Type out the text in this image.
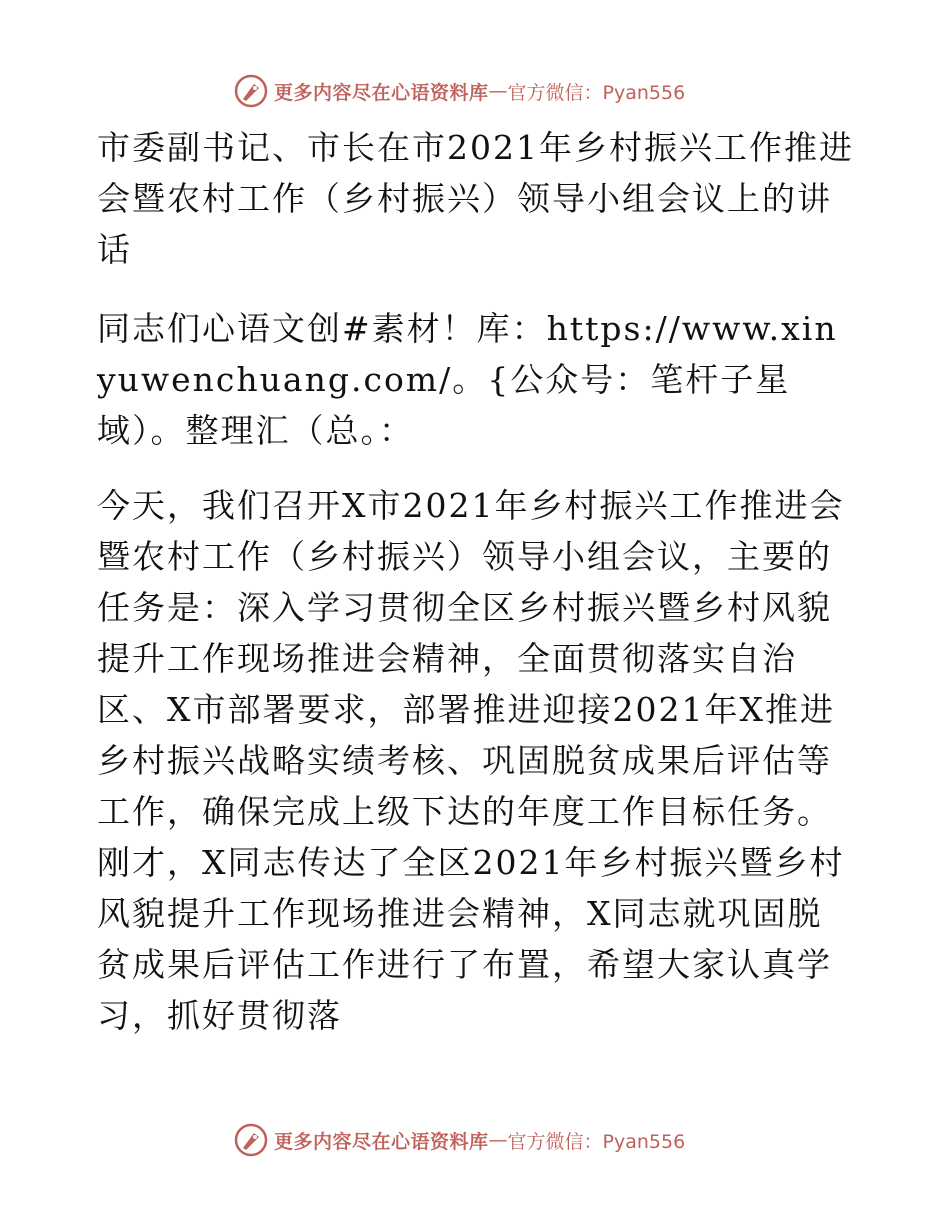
更多内容尽在心语资料库 — 官方微信：Pyan556

市委副书记、市长在市2021年乡村振兴工作推进会暨农村工作（乡村振兴）领导小组会议上的讲话

同志们心语文创#素材！库：https://www.xinyuwenchuang.com/。{公众号：笔杆子星域）。整理汇（总。：

今天，我们召开X市2021年乡村振兴工作推进会暨农村工作（乡村振兴）领导小组会议，主要的任务是：深入学习贯彻全区乡村振兴暨乡村风貌提升工作现场推进会精神，全面贯彻落实自治区、X市部署要求，部署推进迎接2021年X推进乡村振兴战略实绩考核、巩固脱贫成果后评估等工作，确保完成上级下达的年度工作目标任务。刚才，X同志传达了全区2021年乡村振兴暨乡村风貌提升工作现场推进会精神，X同志就巩固脱贫成果后评估工作进行了布置，希望大家认真学习，抓好贯彻落

更多内容尽在心语资料库 — 官方微信：Pyan556
